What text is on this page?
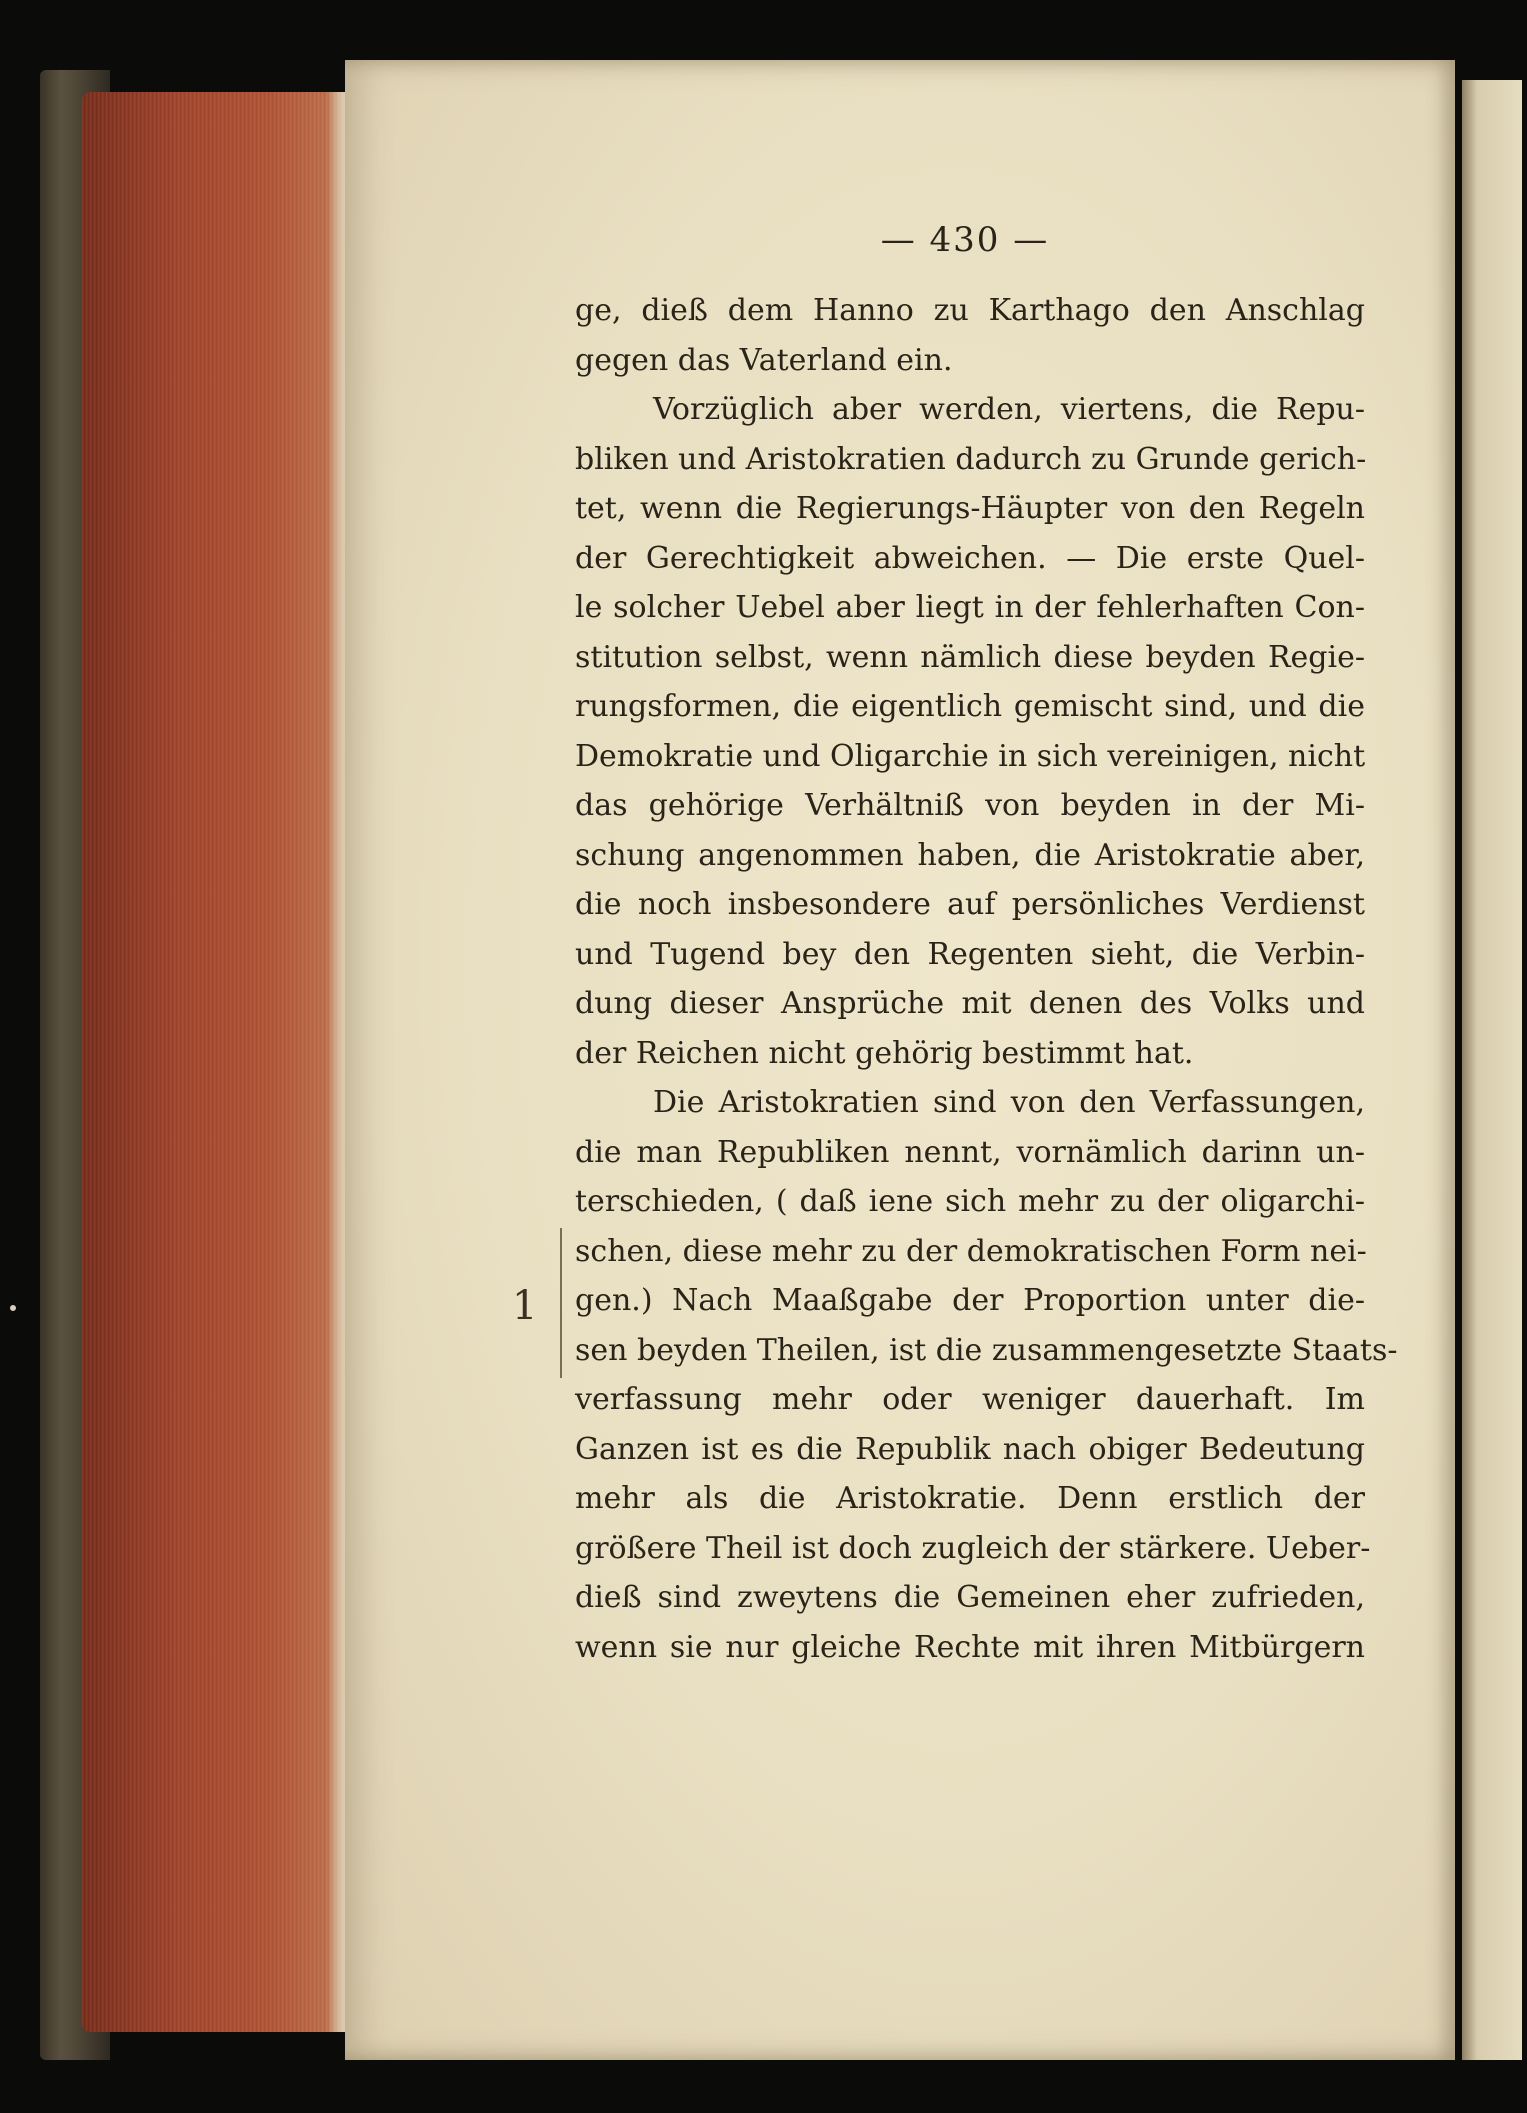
1
— 430 —
ge, dieß dem Hanno zu Karthago den Anschlag
gegen das Vaterland ein.
Vorzüglich aber werden, viertens, die Repu-
bliken und Aristokratien dadurch zu Grunde gerich-
tet, wenn die Regierungs-Häupter von den Regeln
der Gerechtigkeit abweichen. — Die erste Quel-
le solcher Uebel aber liegt in der fehlerhaften Con-
stitution selbst, wenn nämlich diese beyden Regie-
rungsformen, die eigentlich gemischt sind, und die
Demokratie und Oligarchie in sich vereinigen, nicht
das gehörige Verhältniß von beyden in der Mi-
schung angenommen haben, die Aristokratie aber,
die noch insbesondere auf persönliches Verdienst
und Tugend bey den Regenten sieht, die Verbin-
dung dieser Ansprüche mit denen des Volks und
der Reichen nicht gehörig bestimmt hat.
Die Aristokratien sind von den Verfassungen,
die man Republiken nennt, vornämlich darinn un-
terschieden, ( daß iene sich mehr zu der oligarchi-
schen, diese mehr zu der demokratischen Form nei-
gen.) Nach Maaßgabe der Proportion unter die-
sen beyden Theilen, ist die zusammengesetzte Staats-
verfassung mehr oder weniger dauerhaft. Im
Ganzen ist es die Republik nach obiger Bedeutung
mehr als die Aristokratie. Denn erstlich der
größere Theil ist doch zugleich der stärkere. Ueber-
dieß sind zweytens die Gemeinen eher zufrieden,
wenn sie nur gleiche Rechte mit ihren Mitbürgern
